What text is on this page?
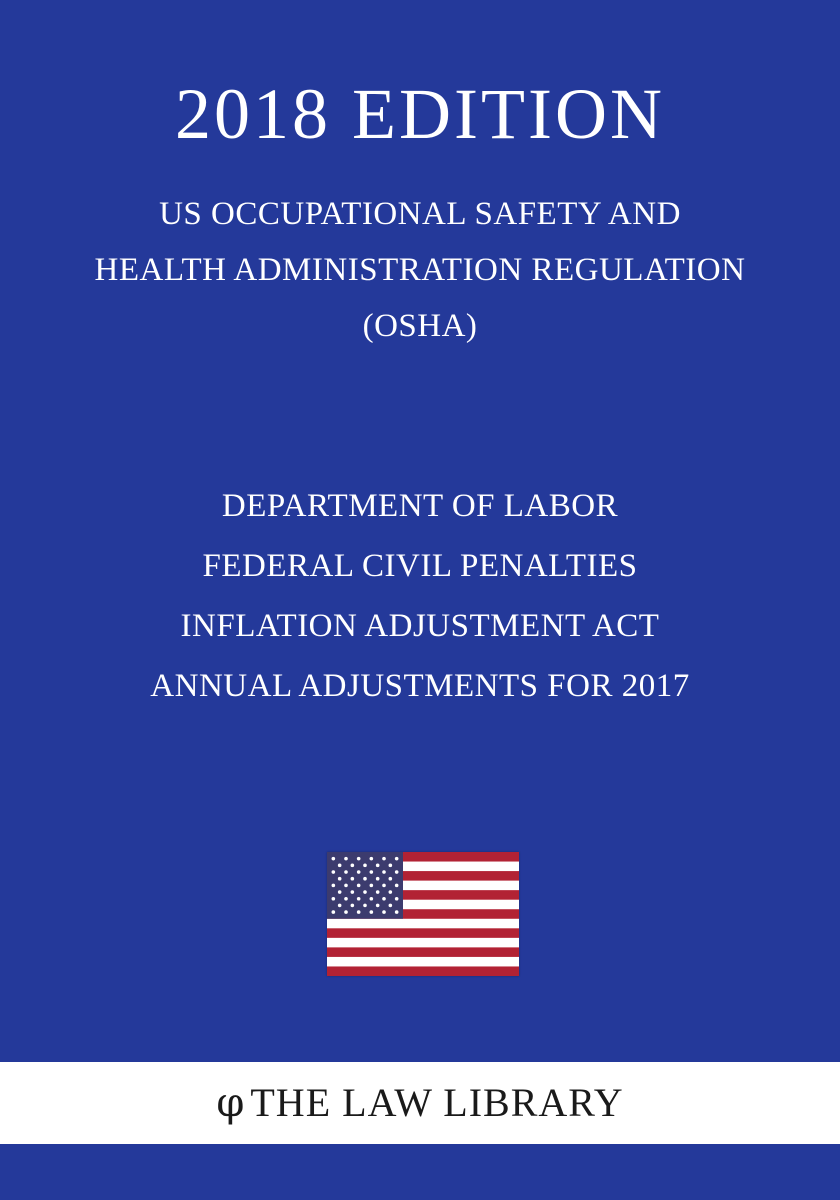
2018 EDITION
US OCCUPATIONAL SAFETY AND
HEALTH ADMINISTRATION REGULATION
(OSHA)
DEPARTMENT OF LABOR
FEDERAL CIVIL PENALTIES
INFLATION ADJUSTMENT ACT
ANNUAL ADJUSTMENTS FOR 2017
φ THE LAW LIBRARY
